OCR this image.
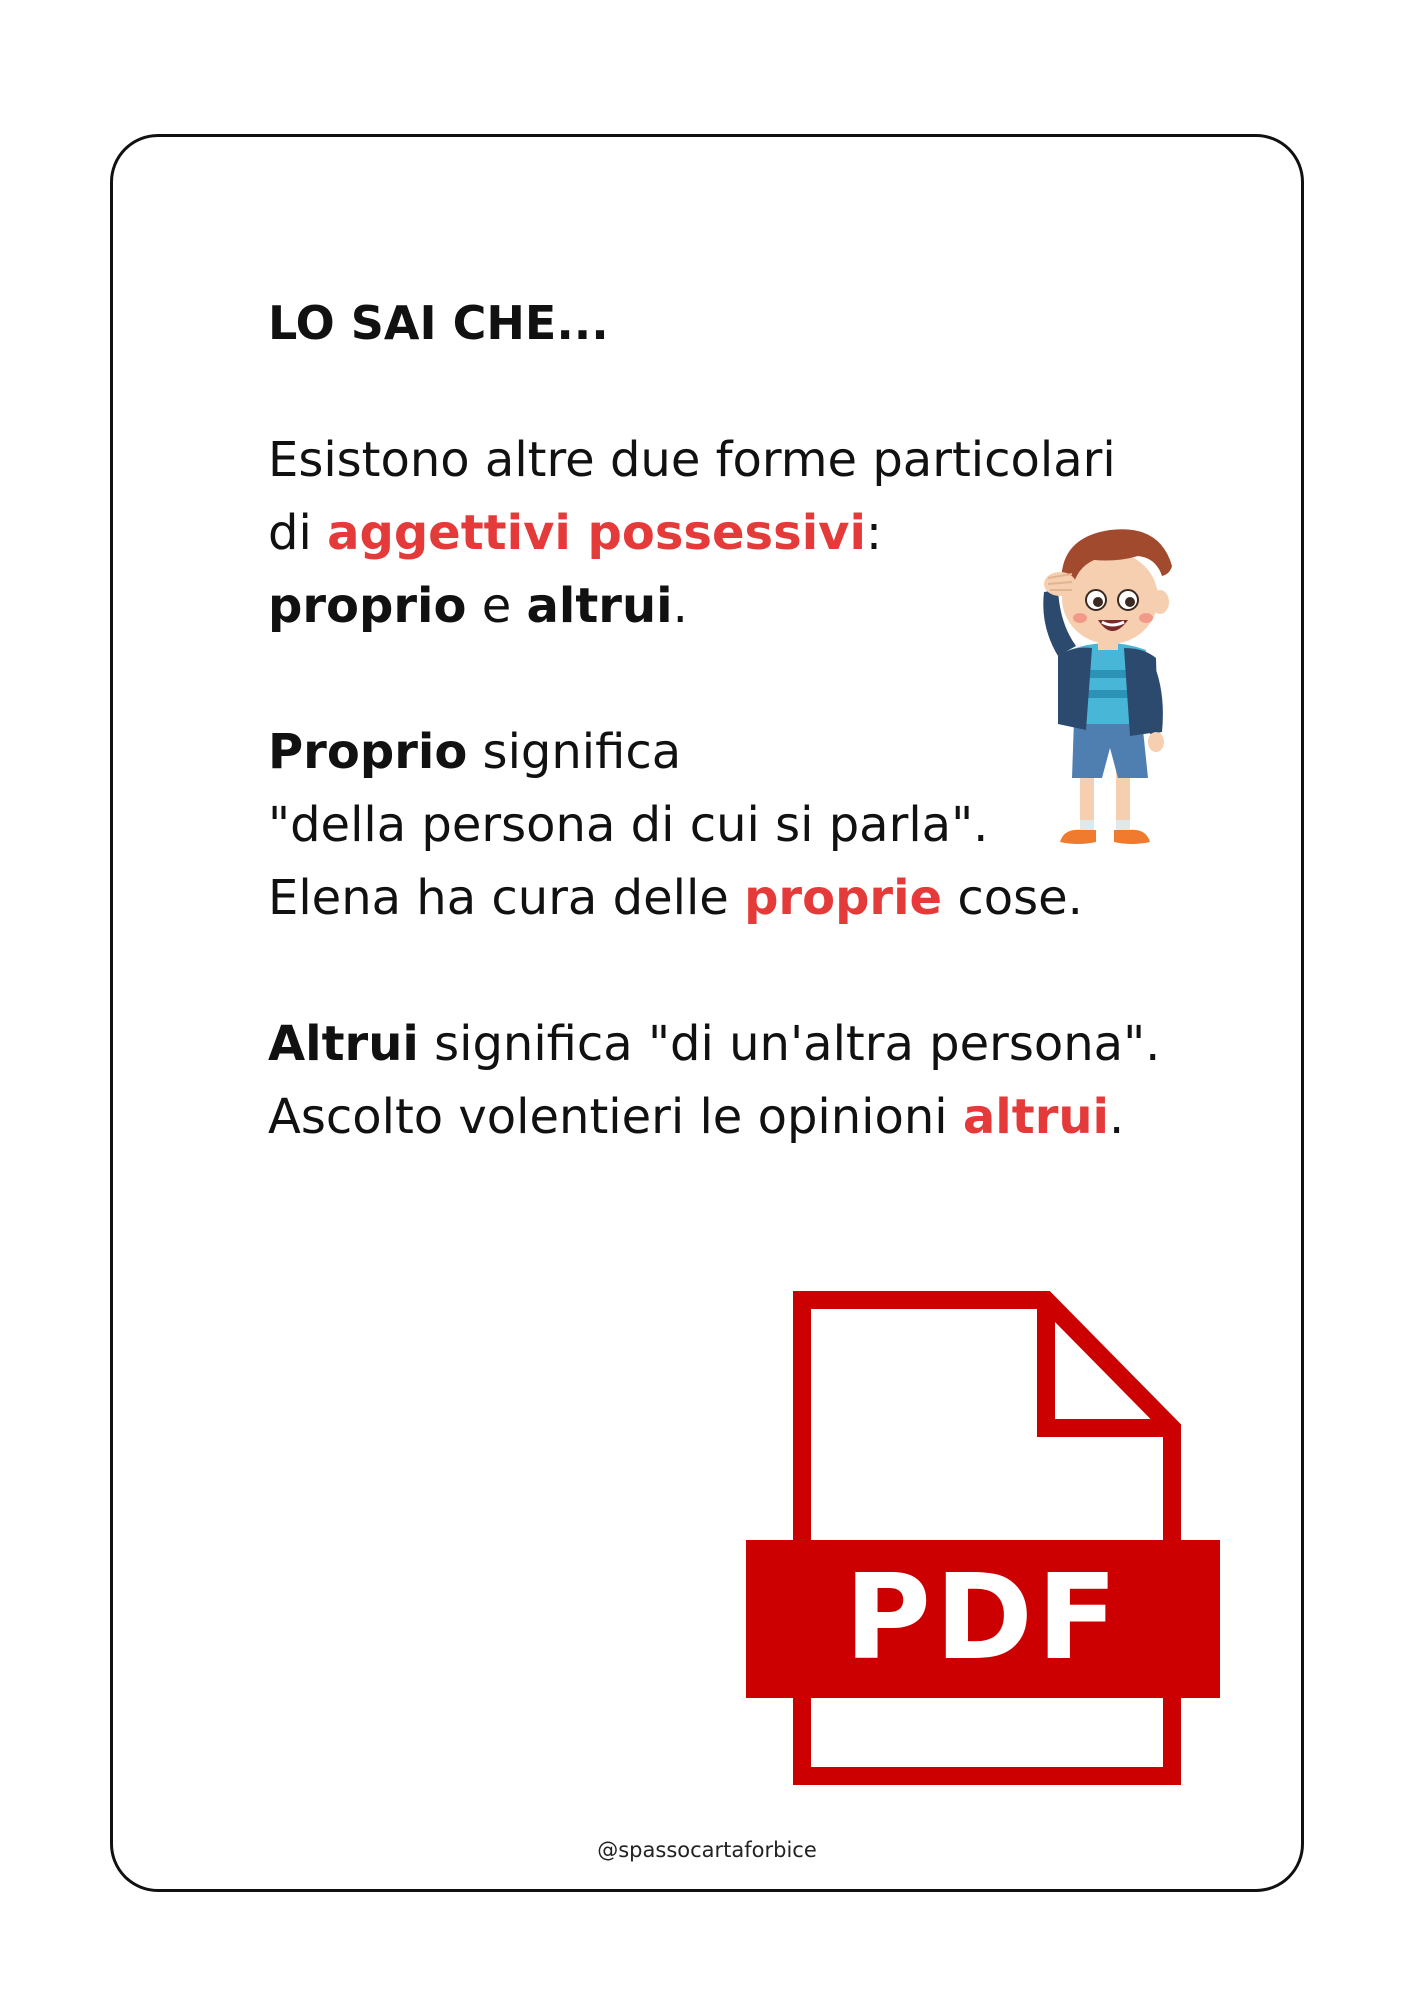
LO SAI CHE...

Esistono altre due forme particolari
di aggettivi possessivi:
proprio e altrui.

Proprio significa
"della persona di cui si parla".
Elena ha cura delle proprie cose.

Altrui significa "di un'altra persona".
Ascolto volentieri le opinioni altrui.

PDF
@spassocartaforbice
